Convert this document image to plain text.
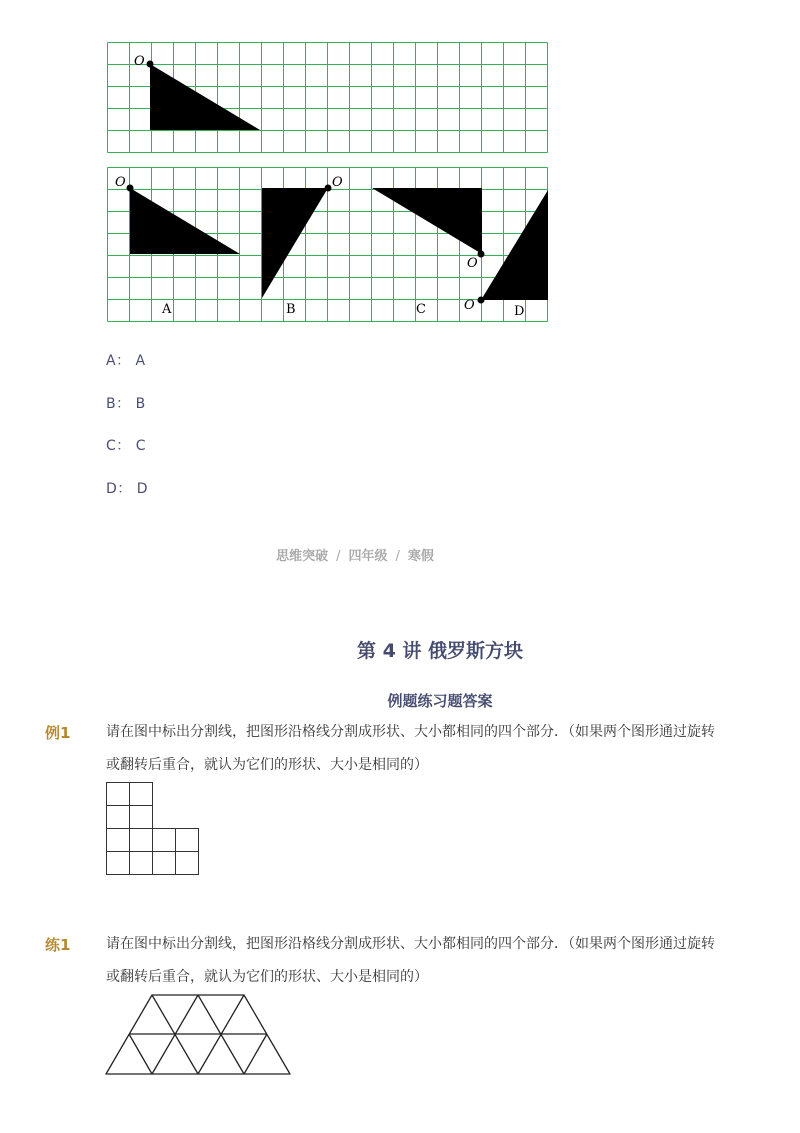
O
O
A
O
B
O
C	O	D
A： A
B： B
C： C
D： D
思维突破 / 四年级 / 寒假
第 4 讲 俄罗斯方块
例题练习题答案
例1	请在图中标出分割线，把图形沿格线分割成形状、大小都相同的四个部分．（如果两个图形通过旋转或翻转后重合，就认为它们的形状、大小是相同的）
练1	请在图中标出分割线，把图形沿格线分割成形状、大小都相同的四个部分．（如果两个图形通过旋转或翻转后重合，就认为它们的形状、大小是相同的）
